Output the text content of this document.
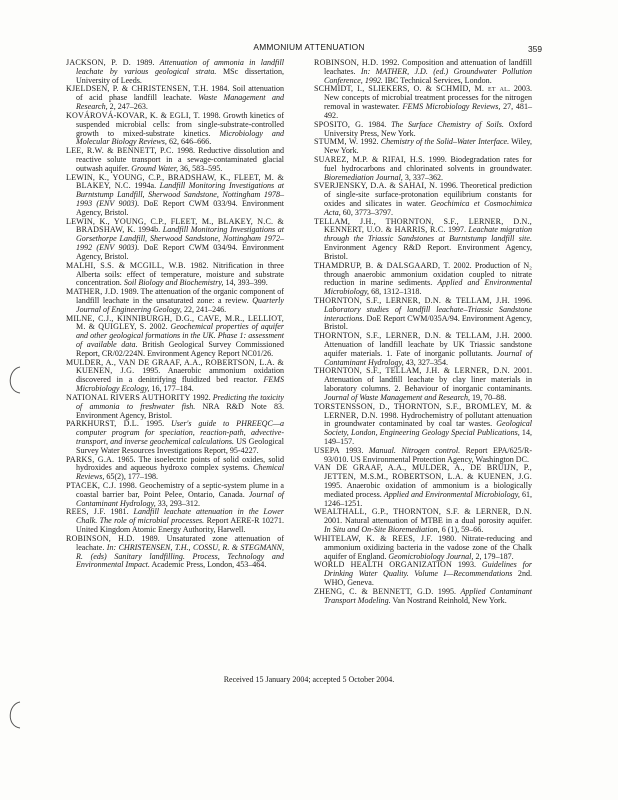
AMMONIUM ATTENUATION	359

JACKSON, P. D. 1989. Attenuation of ammonia in landfill leachate by various geological strata. MSc dissertation, University of Leeds.

KJELDSEN, P. & CHRISTENSEN, T.H. 1984. Soil attenuation of acid phase landfill leachate. Waste Management and Research, 2, 247–263.

KOVÁROVÁ-KOVAR, K. & EGLI, T. 1998. Growth kinetics of suspended microbial cells: from single-substrate-controlled growth to mixed-substrate kinetics. Microbiology and Molecular Biology Reviews, 62, 646–666.

LEE, R.W. & BENNETT, P.C. 1998. Reductive dissolution and reactive solute transport in a sewage-contaminated glacial outwash aquifer. Ground Water, 36, 583–595.

LEWIN, K., YOUNG, C.P., BRADSHAW, K., FLEET, M. & BLAKEY, N.C. 1994a. Landfill Monitoring Investigations at Burntstump Landfill, Sherwood Sandstone, Nottingham 1978–1993 (ENV 9003). DoE Report CWM 033/94. Environment Agency, Bristol.

LEWIN, K., YOUNG, C.P., FLEET, M., BLAKEY, N.C. & BRADSHAW, K. 1994b. Landfill Monitoring Investigations at Gorsethorpe Landfill, Sherwood Sandstone, Nottingham 1972–1992 (ENV 9003). DoE Report CWM 034/94. Environment Agency, Bristol.

MALHI, S.S. & MCGILL, W.B. 1982. Nitrification in three Alberta soils: effect of temperature, moisture and substrate concentration. Soil Biology and Biochemistry, 14, 393–399.

MATHER, J.D. 1989. The attenuation of the organic component of landfill leachate in the unsaturated zone: a review. Quarterly Journal of Engineering Geology, 22, 241–246.

MILNE, C.J., KINNIBURGH, D.G., CAVE, M.R., LELLIOT, M. & QUIGLEY, S. 2002. Geochemical properties of aquifer and other geological formations in the UK. Phase 1: assessment of available data. British Geological Survey Commissioned Report, CR/02/224N. Environment Agency Report NC01/26.

MULDER, A., VAN DE GRAAF, A.A., ROBERTSON, L.A. & KUENEN, J.G. 1995. Anaerobic ammonium oxidation discovered in a denitrifying fluidized bed reactor. FEMS Microbiology Ecology, 16, 177–184.

NATIONAL RIVERS AUTHORITY 1992. Predicting the toxicity of ammonia to freshwater fish. NRA R&D Note 83. Environment Agency, Bristol.

PARKHURST, D.L. 1995. User's guide to PHREEQC—a computer program for speciation, reaction-path, advective-transport, and inverse geochemical calculations. US Geological Survey Water Resources Investigations Report, 95-4227.

PARKS, G.A. 1965. The isoelectric points of solid oxides, solid hydroxides and aqueous hydroxo complex systems. Chemical Reviews, 65(2), 177–198.

PTACEK, C.J. 1998. Geochemistry of a septic-system plume in a coastal barrier bar, Point Pelee, Ontario, Canada. Journal of Contaminant Hydrology, 33, 293–312.

REES, J.F. 1981. Landfill leachate attenuation in the Lower Chalk. The role of microbial processes. Report AERE-R 10271. United Kingdom Atomic Energy Authority, Harwell.

ROBINSON, H.D. 1989. Unsaturated zone attenuation of leachate. In: CHRISTENSEN, T.H., COSSU, R. & STEGMANN, R. (eds) Sanitary landfilling. Process, Technology and Environmental Impact. Academic Press, London, 453–464.

ROBINSON, H.D. 1992. Composition and attenuation of landfill leachates. In: MATHER, J.D. (ed.) Groundwater Pollution Conference, 1992. IBC Technical Services, London.

SCHMIDT, I., SLIEKERS, O. & SCHMID, M. et al. 2003. New concepts of microbial treatment processes for the nitrogen removal in wastewater. FEMS Microbiology Reviews, 27, 481–492.

SPOSITO, G. 1984. The Surface Chemistry of Soils. Oxford University Press, New York.

STUMM, W. 1992. Chemistry of the Solid–Water Interface. Wiley, New York.

SUAREZ, M.P. & RIFAI, H.S. 1999. Biodegradation rates for fuel hydrocarbons and chlorinated solvents in groundwater. Bioremediation Journal, 3, 337–362.

SVERJENSKY, D.A. & SAHAI, N. 1996. Theoretical prediction of single-site surface-protonation equilibrium constants for oxides and silicates in water. Geochimica et Cosmochimica Acta, 60, 3773–3797.

TELLAM, J.H., THORNTON, S.F., LERNER, D.N., KENNERT, U.O. & HARRIS, R.C. 1997. Leachate migration through the Triassic Sandstones at Burntstump landfill site. Environment Agency R&D Report. Environment Agency, Bristol.

THAMDRUP, B. & DALSGAARD, T. 2002. Production of N₂ through anaerobic ammonium oxidation coupled to nitrate reduction in marine sediments. Applied and Environmental Microbiology, 68, 1312–1318.

THORNTON, S.F., LERNER, D.N. & TELLAM, J.H. 1996. Laboratory studies of landfill leachate–Triassic Sandstone interactions. DoE Report CWM/035A/94. Environment Agency, Bristol.

THORNTON, S.F., LERNER, D.N. & TELLAM, J.H. 2000. Attenuation of landfill leachate by UK Triassic sandstone aquifer materials. 1. Fate of inorganic pollutants. Journal of Contaminant Hydrology, 43, 327–354.

THORNTON, S.F., TELLAM, J.H. & LERNER, D.N. 2001. Attenuation of landfill leachate by clay liner materials in laboratory columns. 2. Behaviour of inorganic contaminants. Journal of Waste Management and Research, 19, 70–88.

TORSTENSSON, D., THORNTON, S.F., BROMLEY, M. & LERNER, D.N. 1998. Hydrochemistry of pollutant attenuation in groundwater contaminated by coal tar wastes. Geological Society, London, Engineering Geology Special Publications, 14, 149–157.

USEPA 1993. Manual. Nitrogen control. Report EPA/625/R-93/010. US Environmental Protection Agency, Washington DC.

VAN DE GRAAF, A.A., MULDER, A., DE BRUIJN, P., JETTEN, M.S.M., ROBERTSON, L.A. & KUENEN, J.G. 1995. Anaerobic oxidation of ammonium is a biologically mediated process. Applied and Environmental Microbiology, 61, 1246–1251.

WEALTHALL, G.P., THORNTON, S.F. & LERNER, D.N. 2001. Natural attenuation of MTBE in a dual porosity aquifer. In Situ and On-Site Bioremediation, 6 (1), 59–66.

WHITELAW, K. & REES, J.F. 1980. Nitrate-reducing and ammonium oxidizing bacteria in the vadose zone of the Chalk aquifer of England. Geomicrobiology Journal, 2, 179–187.

WORLD HEALTH ORGANIZATION 1993. Guidelines for Drinking Water Quality. Volume I—Recommendations 2nd. WHO, Geneva.

ZHENG, C. & BENNETT, G.D. 1995. Applied Contaminant Transport Modeling. Van Nostrand Reinhold, New York.

Received 15 January 2004; accepted 5 October 2004.
